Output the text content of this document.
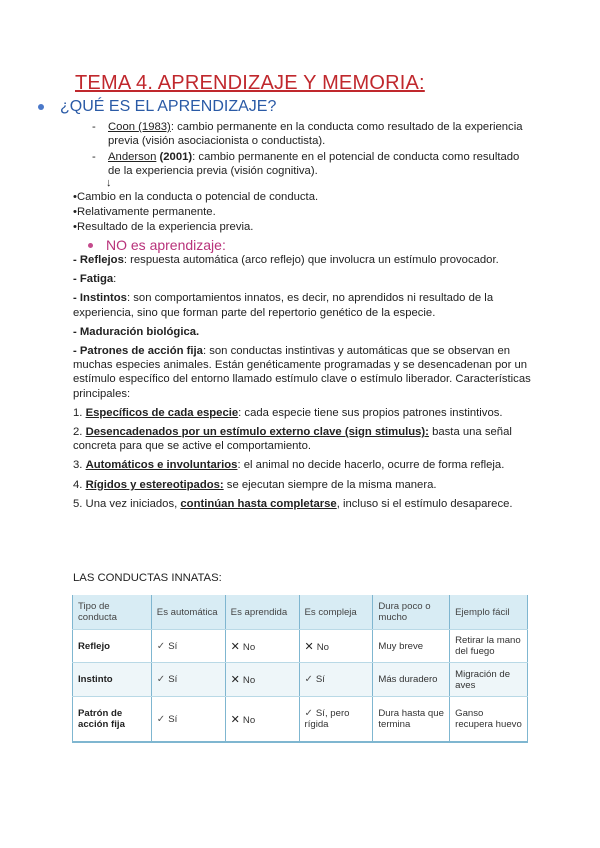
TEMA 4. APRENDIZAJE Y MEMORIA:
¿QUÉ ES EL APRENDIZAJE?
-	Coon (1983): cambio permanente en la conducta como resultado de la experiencia previa (visión asociacionista o conductista).
-	Anderson (2001): cambio permanente en el potencial de conducta como resultado de la experiencia previa (visión cognitiva).
↓
•Cambio en la conducta o potencial de conducta.
•Relativamente permanente.
•Resultado de la experiencia previa.
NO es aprendizaje:

- Reflejos: respuesta automática (arco reflejo) que involucra un estímulo provocador.

- Fatiga:

- Instintos: son comportamientos innatos, es decir, no aprendidos ni resultado de la experiencia, sino que forman parte del repertorio genético de la especie.

- Maduración biológica.

- Patrones de acción fija: son conductas instintivas y automáticas que se observan en muchas especies animales. Están genéticamente programadas y se desencadenan por un estímulo específico del entorno llamado estímulo clave o estímulo liberador. Características principales:

1. Específicos de cada especie: cada especie tiene sus propios patrones instintivos.

2. Desencadenados por un estímulo externo clave (sign stimulus): basta una señal concreta para que se active el comportamiento.

3. Automáticos e involuntarios: el animal no decide hacerlo, ocurre de forma refleja.

4. Rígidos y estereotipados: se ejecutan siempre de la misma manera.

5. Una vez iniciados, continúan hasta completarse, incluso si el estímulo desaparece.

LAS CONDUCTAS INNATAS:
Tipo de conducta	Es automática	Es aprendida	Es compleja	Dura poco o mucho	Ejemplo fácil
Reflejo	✓ Sí	✕ No	✕ No	Muy breve	Retirar la mano del fuego
Instinto	✓ Sí	✕ No	✓ Sí	Más duradero	Migración de aves
Patrón de acción fija	✓ Sí	✕ No	✓ Sí, pero rígida	Dura hasta que termina	Ganso recupera huevo
